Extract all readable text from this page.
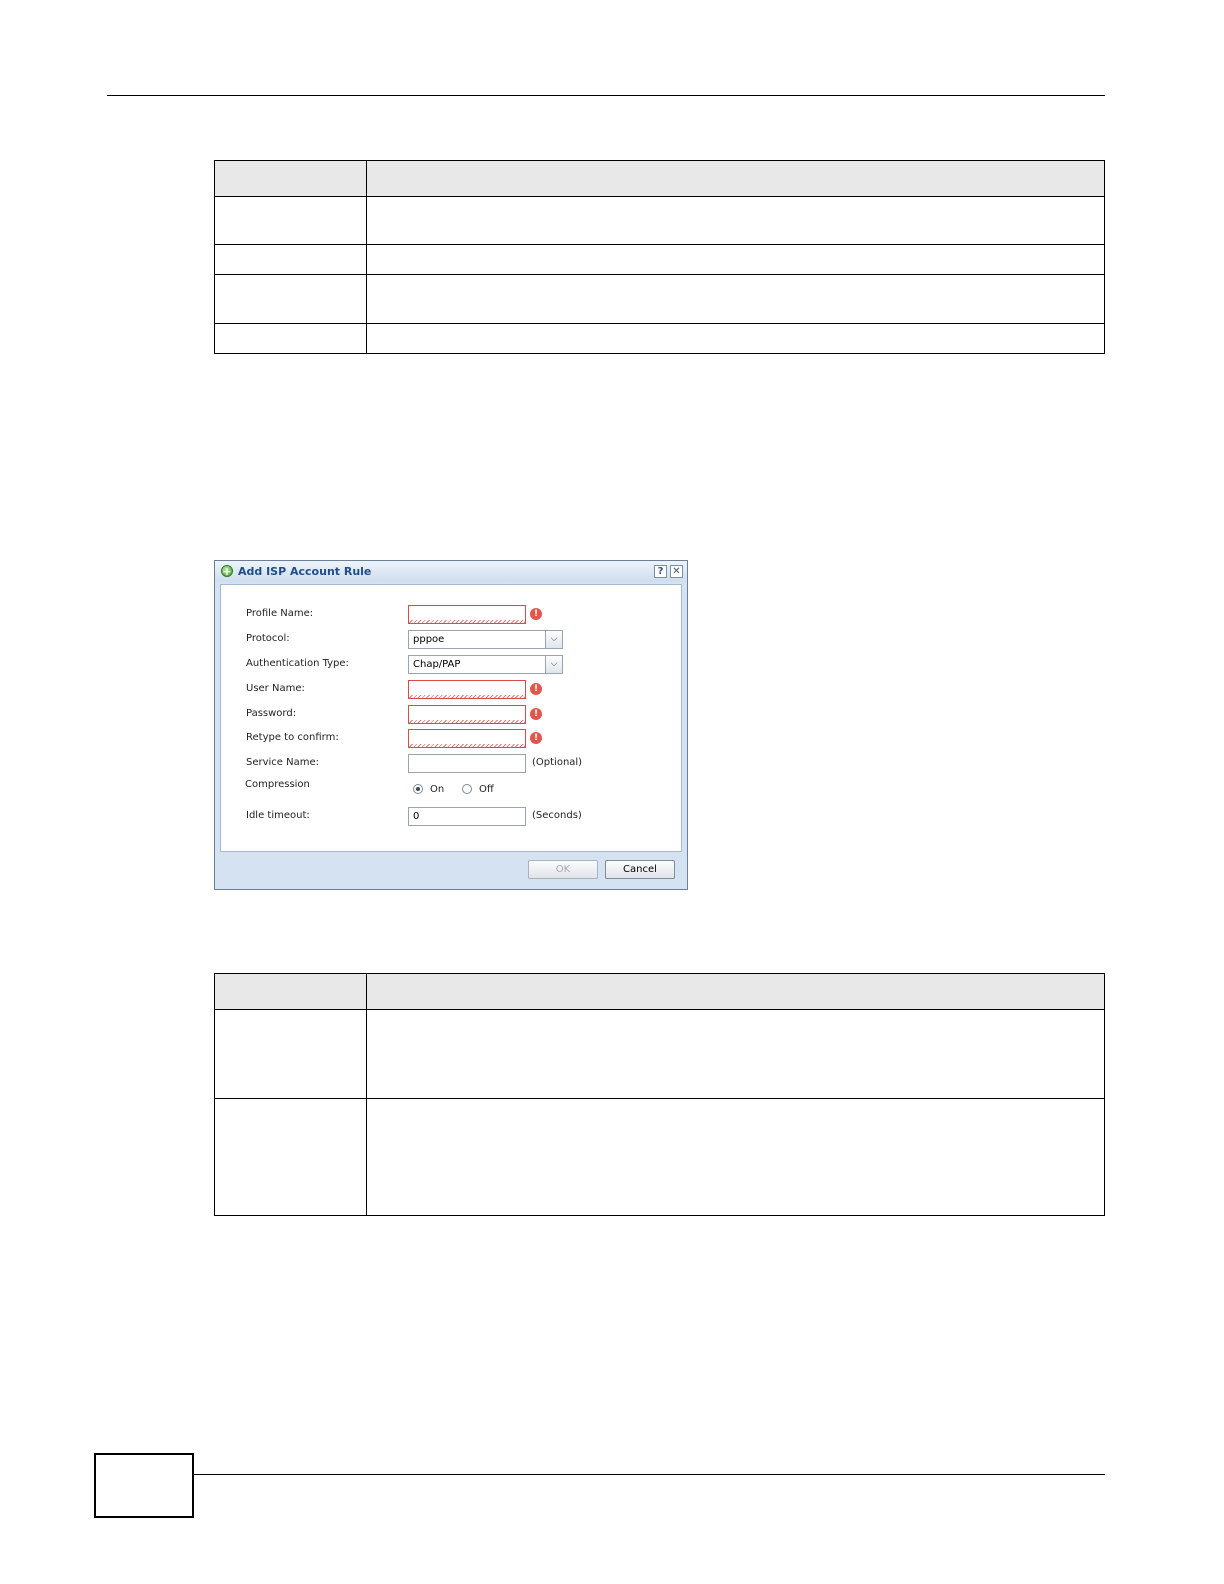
+ Add ISP Account Rule	? ✕
Profile Name:	!
Protocol:	pppoe	⌵
Authentication Type:	Chap/PAP	⌵
User Name:	!
Password:	!
Retype to confirm:	!
Service Name:	(Optional)
Compression	On	Off
Idle timeout:	0	(Seconds)
OK	Cancel
